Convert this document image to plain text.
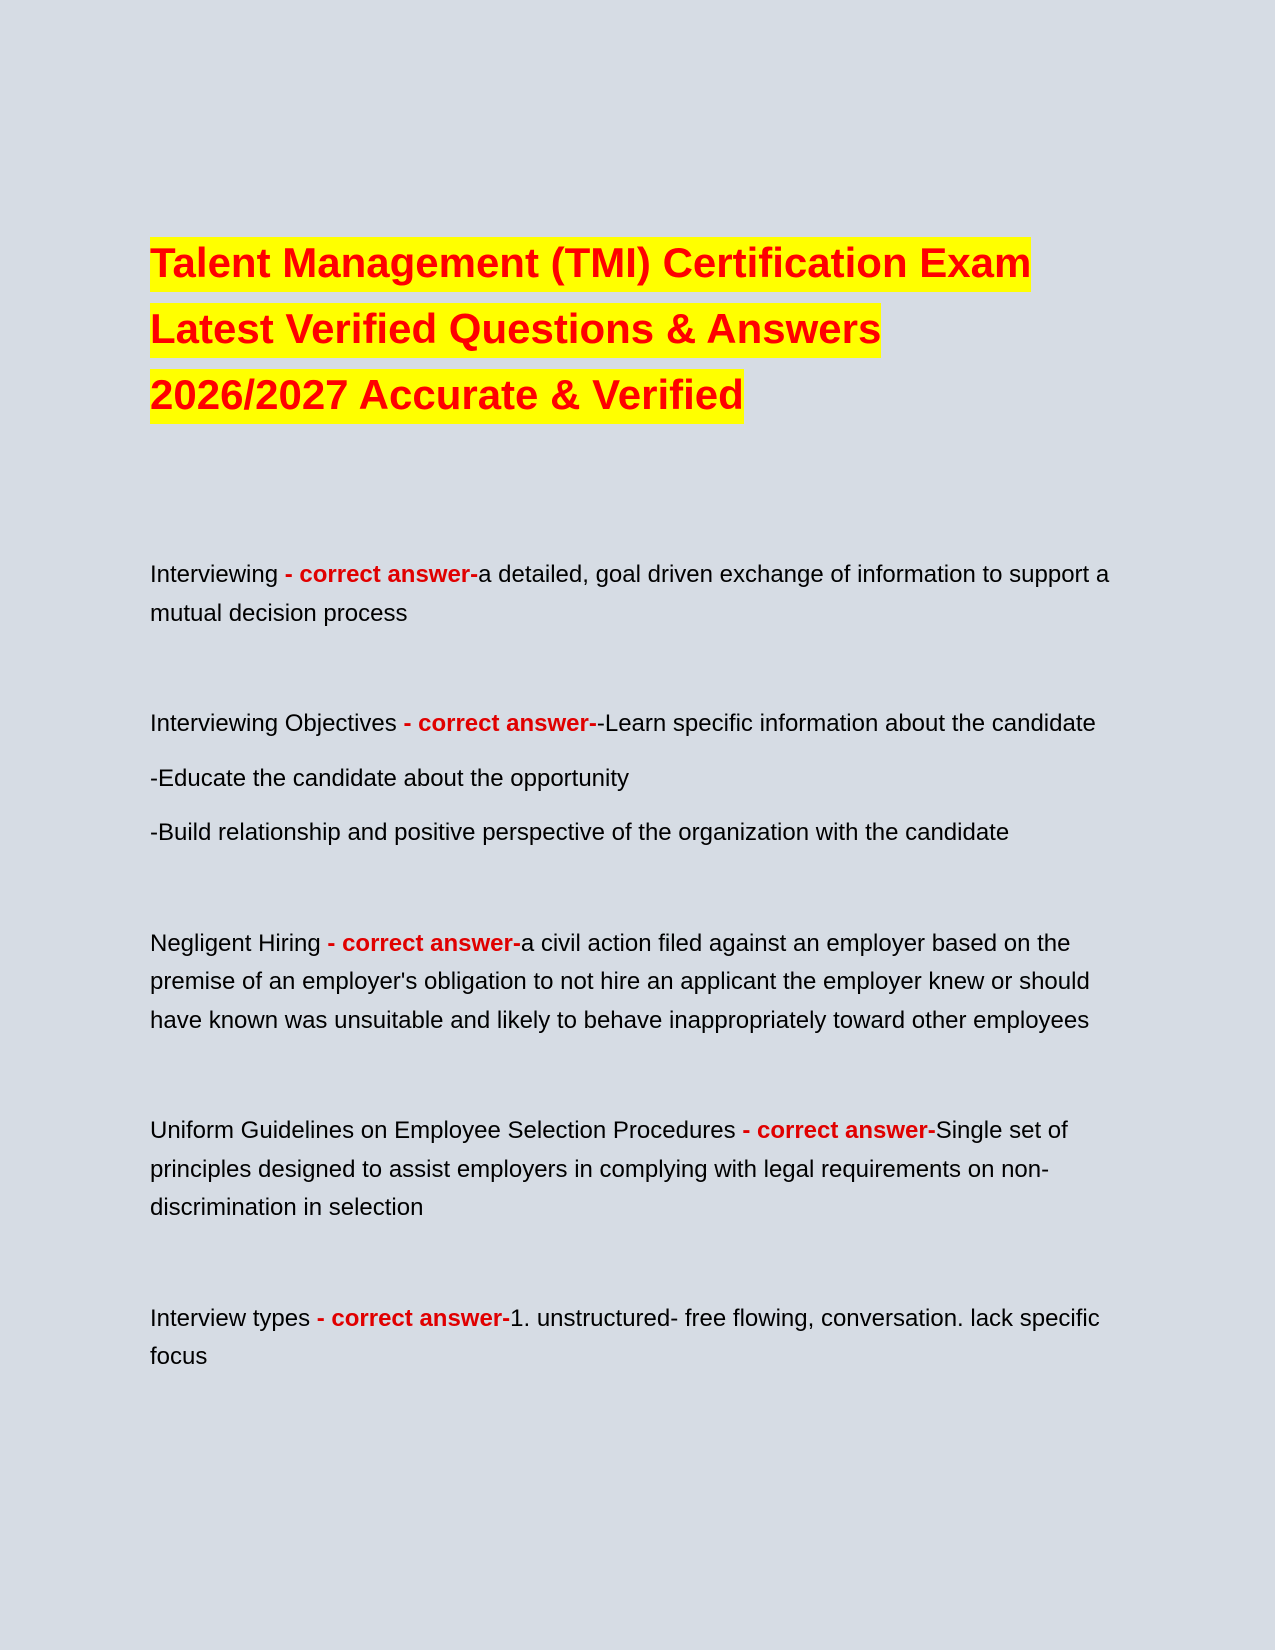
Talent Management (TMI) Certification Exam
Latest Verified Questions & Answers
2026/2027 Accurate & Verified

Interviewing - correct answer-a detailed, goal driven exchange of information to support a mutual decision process

Interviewing Objectives - correct answer--Learn specific information about the candidate

-Educate the candidate about the opportunity

-Build relationship and positive perspective of the organization with the candidate

Negligent Hiring - correct answer-a civil action filed against an employer based on the premise of an employer's obligation to not hire an applicant the employer knew or should have known was unsuitable and likely to behave inappropriately toward other employees

Uniform Guidelines on Employee Selection Procedures - correct answer-Single set of principles designed to assist employers in complying with legal requirements on non-discrimination in selection

Interview types - correct answer-1. unstructured- free flowing, conversation. lack specific focus
